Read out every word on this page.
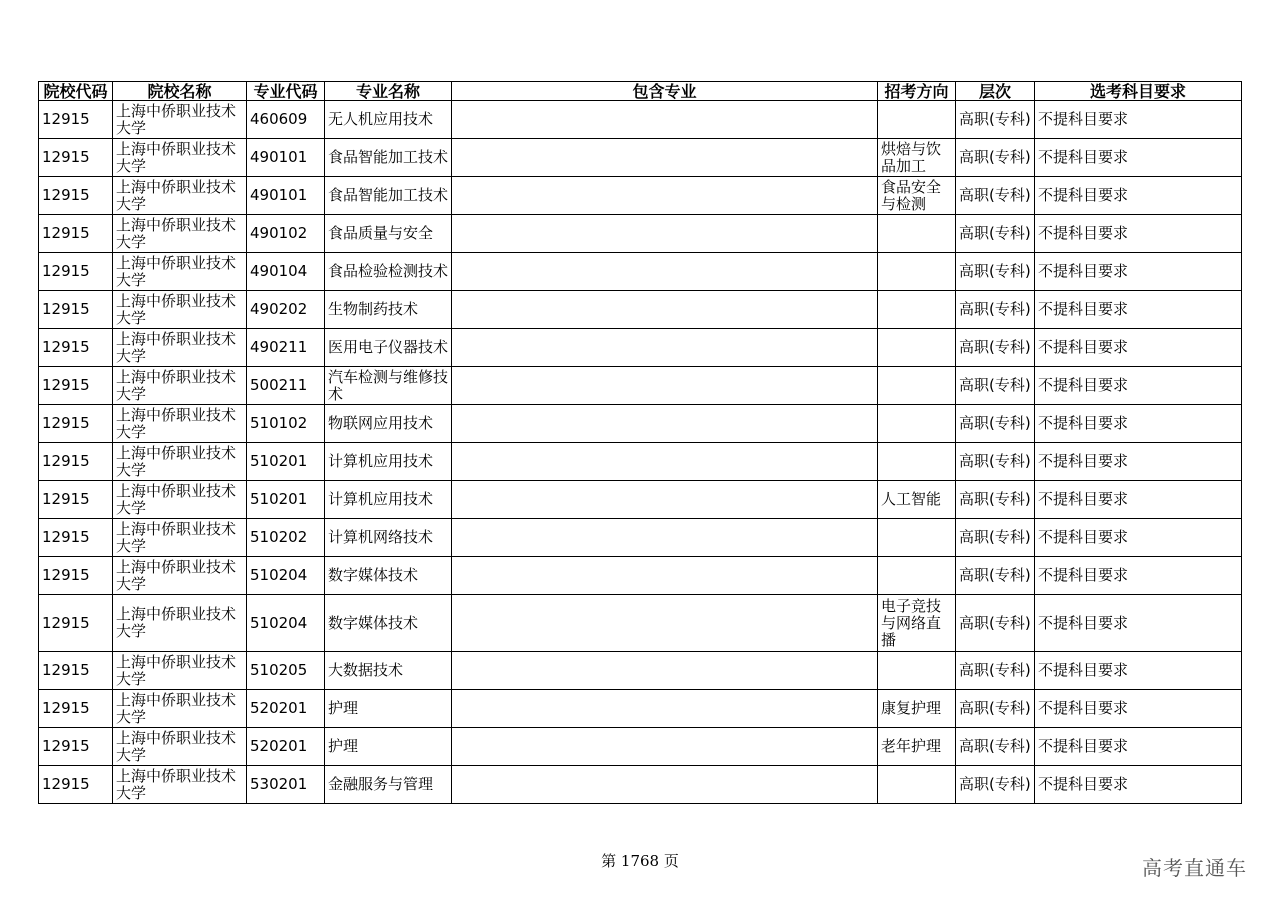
院校代码	院校名称	专业代码	专业名称	包含专业	招考方向	层次	选考科目要求
12915	上海中侨职业技术大学	460609	无人机应用技术			高职(专科)	不提科目要求
12915	上海中侨职业技术大学	490101	食品智能加工技术		烘焙与饮品加工	高职(专科)	不提科目要求
12915	上海中侨职业技术大学	490101	食品智能加工技术		食品安全与检测	高职(专科)	不提科目要求
12915	上海中侨职业技术大学	490102	食品质量与安全			高职(专科)	不提科目要求
12915	上海中侨职业技术大学	490104	食品检验检测技术			高职(专科)	不提科目要求
12915	上海中侨职业技术大学	490202	生物制药技术			高职(专科)	不提科目要求
12915	上海中侨职业技术大学	490211	医用电子仪器技术			高职(专科)	不提科目要求
12915	上海中侨职业技术大学	500211	汽车检测与维修技术			高职(专科)	不提科目要求
12915	上海中侨职业技术大学	510102	物联网应用技术			高职(专科)	不提科目要求
12915	上海中侨职业技术大学	510201	计算机应用技术			高职(专科)	不提科目要求
12915	上海中侨职业技术大学	510201	计算机应用技术		人工智能	高职(专科)	不提科目要求
12915	上海中侨职业技术大学	510202	计算机网络技术			高职(专科)	不提科目要求
12915	上海中侨职业技术大学	510204	数字媒体技术			高职(专科)	不提科目要求
12915	上海中侨职业技术大学	510204	数字媒体技术		电子竞技与网络直播	高职(专科)	不提科目要求
12915	上海中侨职业技术大学	510205	大数据技术			高职(专科)	不提科目要求
12915	上海中侨职业技术大学	520201	护理		康复护理	高职(专科)	不提科目要求
12915	上海中侨职业技术大学	520201	护理		老年护理	高职(专科)	不提科目要求
12915	上海中侨职业技术大学	530201	金融服务与管理			高职(专科)	不提科目要求
第 1768 页	高考直通车
